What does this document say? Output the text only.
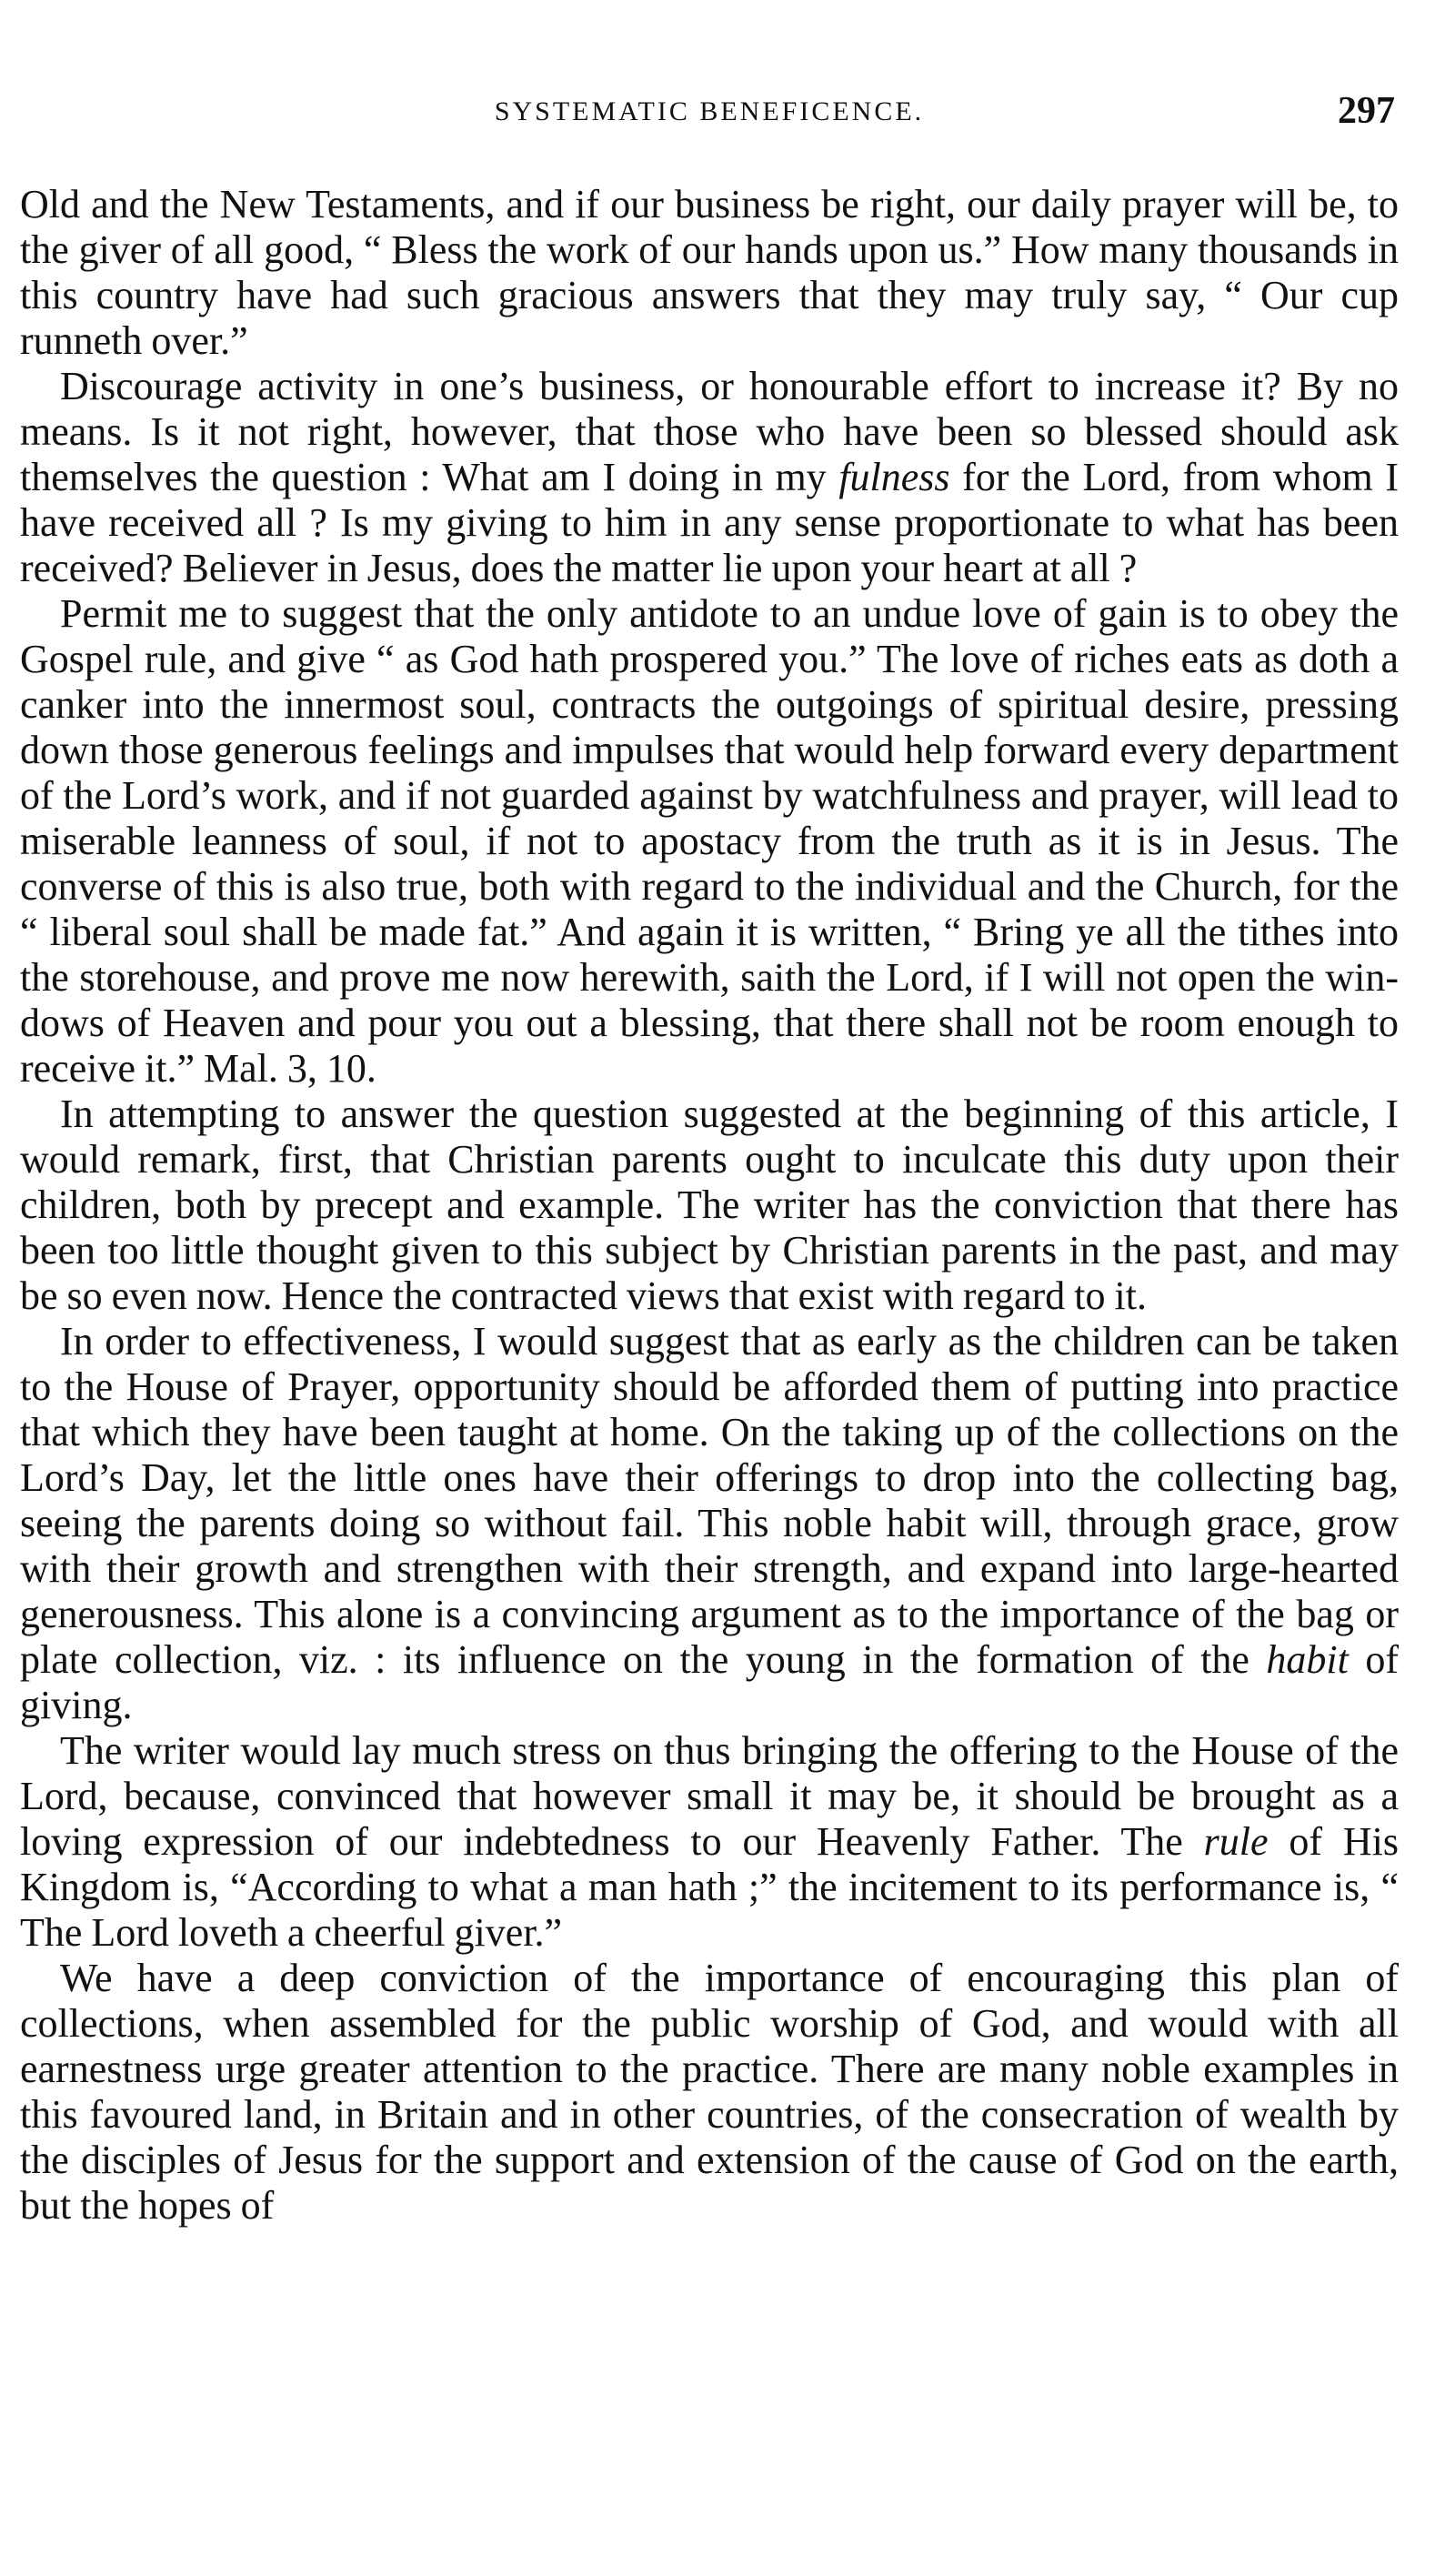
SYSTEMATIC BENEFICENCE.	297

Old and the New Testaments, and if our business be right, our daily prayer will be, to the giver of all good, “ Bless the work of our hands upon us.” How many thousands in this country have had such gracious answers that they may truly say, “ Our cup runneth over.”

Discourage activity in one’s business, or honourable effort to increase it? By no means. Is it not right, however, that those who have been so blessed should ask themselves the question : What am I doing in my fulness for the Lord, from whom I have received all ? Is my giving to him in any sense proportionate to what has been received? Believer in Jesus, does the matter lie upon your heart at all ?

Permit me to suggest that the only antidote to an undue love of gain is to obey the Gospel rule, and give “ as God hath prospered you.” The love of riches eats as doth a canker into the innermost soul, contracts the outgoings of spiritual desire, pressing down those generous feelings and impulses that would help forward every department of the Lord’s work, and if not guarded against by watchfulness and prayer, will lead to miserable leanness of soul, if not to apostacy from the truth as it is in Jesus. The converse of this is also true, both with regard to the individual and the Church, for the “ liberal soul shall be made fat.” And again it is written, “ Bring ye all the tithes into the storehouse, and prove me now herewith, saith the Lord, if I will not open the windows of Heaven and pour you out a blessing, that there shall not be room enough to receive it.” Mal. 3, 10.

In attempting to answer the question suggested at the beginning of this article, I would remark, first, that Christian parents ought to inculcate this duty upon their children, both by precept and example. The writer has the conviction that there has been too little thought given to this subject by Christian parents in the past, and may be so even now. Hence the contracted views that exist with regard to it.

In order to effectiveness, I would suggest that as early as the children can be taken to the House of Prayer, opportunity should be afforded them of putting into practice that which they have been taught at home. On the taking up of the collections on the Lord’s Day, let the little ones have their offerings to drop into the collecting bag, seeing the parents doing so without fail. This noble habit will, through grace, grow with their growth and strengthen with their strength, and expand into large-hearted generousness. This alone is a convincing argument as to the importance of the bag or plate collection, viz. : its influence on the young in the formation of the habit of giving.

The writer would lay much stress on thus bringing the offering to the House of the Lord, because, convinced that however small it may be, it should be brought as a loving expression of our indebtedness to our Heavenly Father. The rule of His Kingdom is, “According to what a man hath ;” the incitement to its performance is, “ The Lord loveth a cheerful giver.”

We have a deep conviction of the importance of encouraging this plan of collections, when assembled for the public worship of God, and would with all earnestness urge greater attention to the practice. There are many noble examples in this favoured land, in Britain and in other countries, of the consecration of wealth by the disciples of Jesus for the support and extension of the cause of God on the earth, but the hopes of
